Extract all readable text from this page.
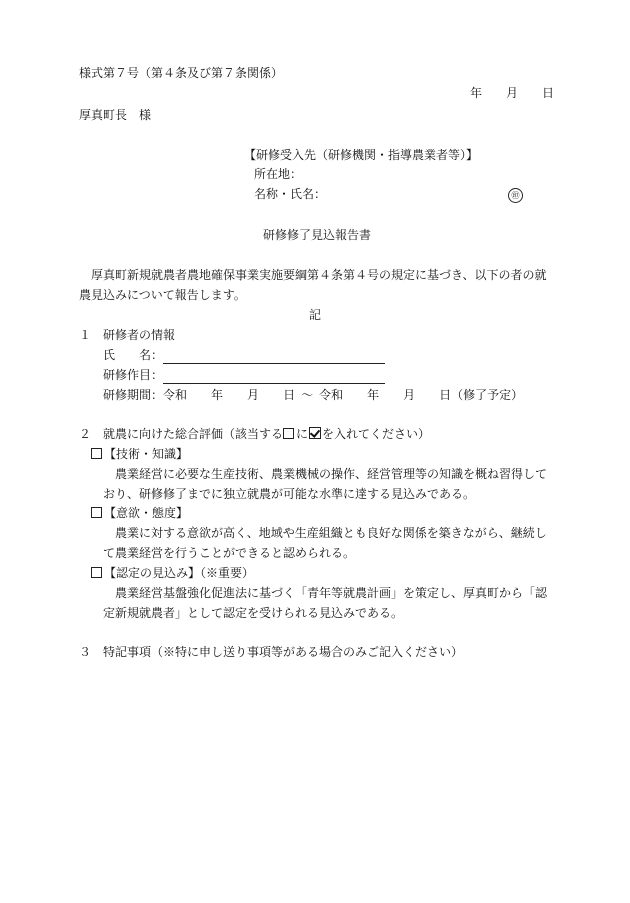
様式第７号（第４条及び第７条関係）
年 月 日
厚真町長　様
【研修受入先（研修機関・指導農業者等）】
所在地：
名称・氏名：	㊞
研修修了見込報告書
厚真町新規就農者農地確保事業実施要綱第４条第４号の規定に基づき、以下の者の就農見込みについて報告します。
記
１　研修者の情報
氏　　名：
研修作目：
研修期間：令和 年 月 日 〜 令和 年 月 日（修了予定）
２　就農に向けた総合評価（該当する に を入れてください）
【技術・知識】
農業経営に必要な生産技術、農業機械の操作、経営管理等の知識を概ね習得しており、研修修了までに独立就農が可能な水準に達する見込みである。
【意欲・態度】
農業に対する意欲が高く、地域や生産組織とも良好な関係を築きながら、継続して農業経営を行うことができると認められる。
【認定の見込み】（※重要）
農業経営基盤強化促進法に基づく「青年等就農計画」を策定し、厚真町から「認定新規就農者」として認定を受けられる見込みである。
３　特記事項（※特に申し送り事項等がある場合のみご記入ください）
